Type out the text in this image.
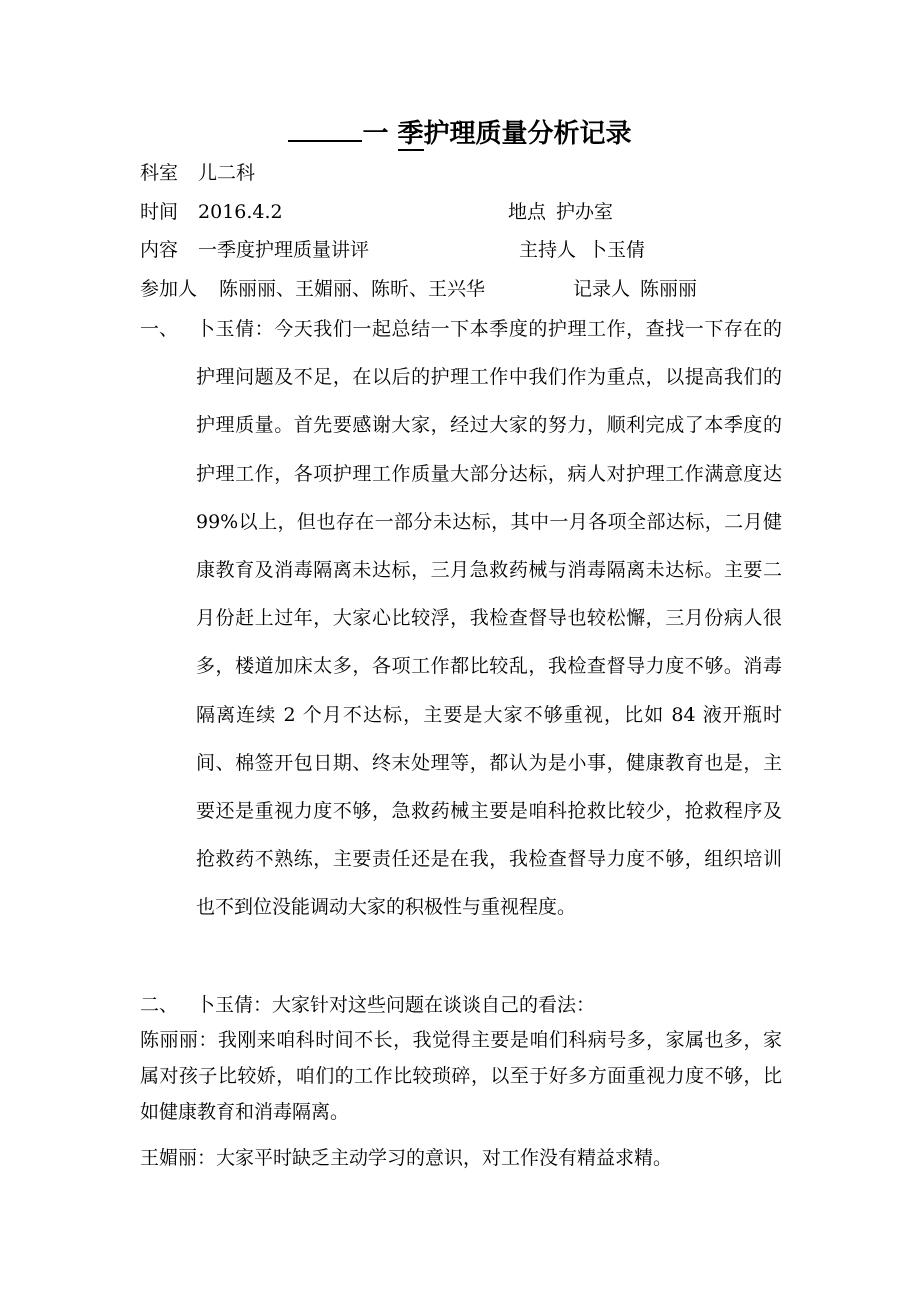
一 季护理质量分析记录
科室 儿二科
时间 2016.4.2	地点 护办室
内容 一季度护理质量讲评	主持人 卜玉倩
参加人 陈丽丽、王媚丽、陈昕、王兴华	记录人 陈丽丽
一、 卜玉倩：今天我们一起总结一下本季度的护理工作，查找一下存在的护理问题及不足，在以后的护理工作中我们作为重点，以提高我们的护理质量。首先要感谢大家，经过大家的努力，顺利完成了本季度的护理工作，各项护理工作质量大部分达标，病人对护理工作满意度达 99%以上，但也存在一部分未达标，其中一月各项全部达标，二月健康教育及消毒隔离未达标，三月急救药械与消毒隔离未达标。主要二月份赶上过年，大家心比较浮，我检查督导也较松懈，三月份病人很多，楼道加床太多，各项工作都比较乱，我检查督导力度不够。消毒隔离连续 2 个月不达标，主要是大家不够重视，比如 84 液开瓶时间、棉签开包日期、终末处理等，都认为是小事，健康教育也是，主要还是重视力度不够，急救药械主要是咱科抢救比较少，抢救程序及抢救药不熟练，主要责任还是在我，我检查督导力度不够，组织培训也不到位没能调动大家的积极性与重视程度。
二、 卜玉倩：大家针对这些问题在谈谈自己的看法：
陈丽丽：我刚来咱科时间不长，我觉得主要是咱们科病号多，家属也多，家属对孩子比较娇，咱们的工作比较琐碎，以至于好多方面重视力度不够，比如健康教育和消毒隔离。
王媚丽：大家平时缺乏主动学习的意识，对工作没有精益求精。
